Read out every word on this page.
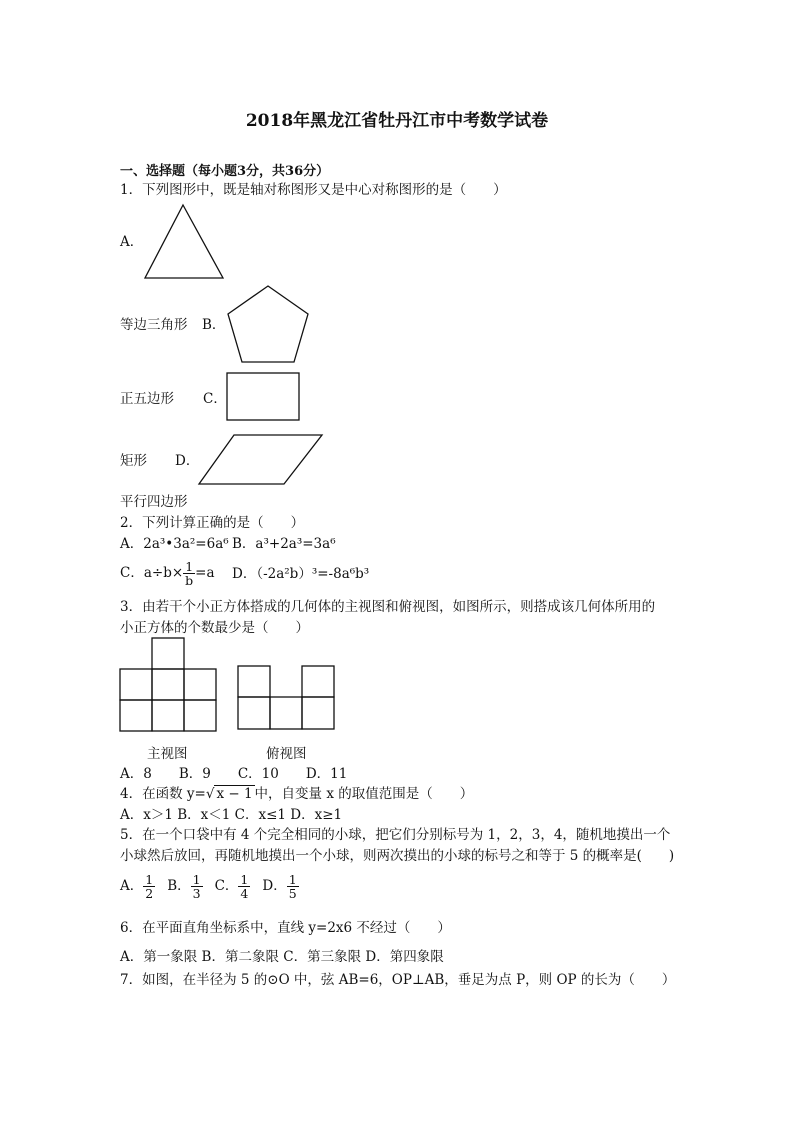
2018年黑龙江省牡丹江市中考数学试卷
一、选择题（每小题3分，共36分）
1．下列图形中，既是轴对称图形又是中心对称图形的是（　　）
A．
等边三角形 B．
正五边形 C．
矩形 D．
平行四边形
2．下列计算正确的是（　　）
A．2a³•3a²=6a⁶ B．a³+2a³=3a⁶
C．$a\div b\times \frac{1}{b} =a$ D．（-2a²b）³=-8a⁶b³
3．由若干个小正方体搭成的几何体的主视图和俯视图，如图所示，则搭成该几何体所用的
小正方体的个数最少是（　　）
主视图	俯视图
A．8　　B．9　　C．10　　D．11
4．在函数 y=√ x − 1 中，自变量 x 的取值范围是（　　）
A．x＞1 B．x＜1 C．x≤1 D．x≥1
5．在一个口袋中有 4 个完全相同的小球，把它们分别标号为 1，2，3，4，随机地摸出一个
小球然后放回，再随机地摸出一个小球，则两次摸出的小球的标号之和等于 5 的概率是(　　)
A． $\frac{1}{2}$ B． $\frac{1}{3}$ C． $\frac{1}{4}$ D． $\frac{1}{5}$
6．在平面直角坐标系中，直线 y=2x6 不经过（　　）
A．第一象限 B．第二象限 C．第三象限 D．第四象限
7．如图，在半径为 5 的⊙O 中，弦 AB=6，OP⊥AB，垂足为点 P，则 OP 的长为（　　）
